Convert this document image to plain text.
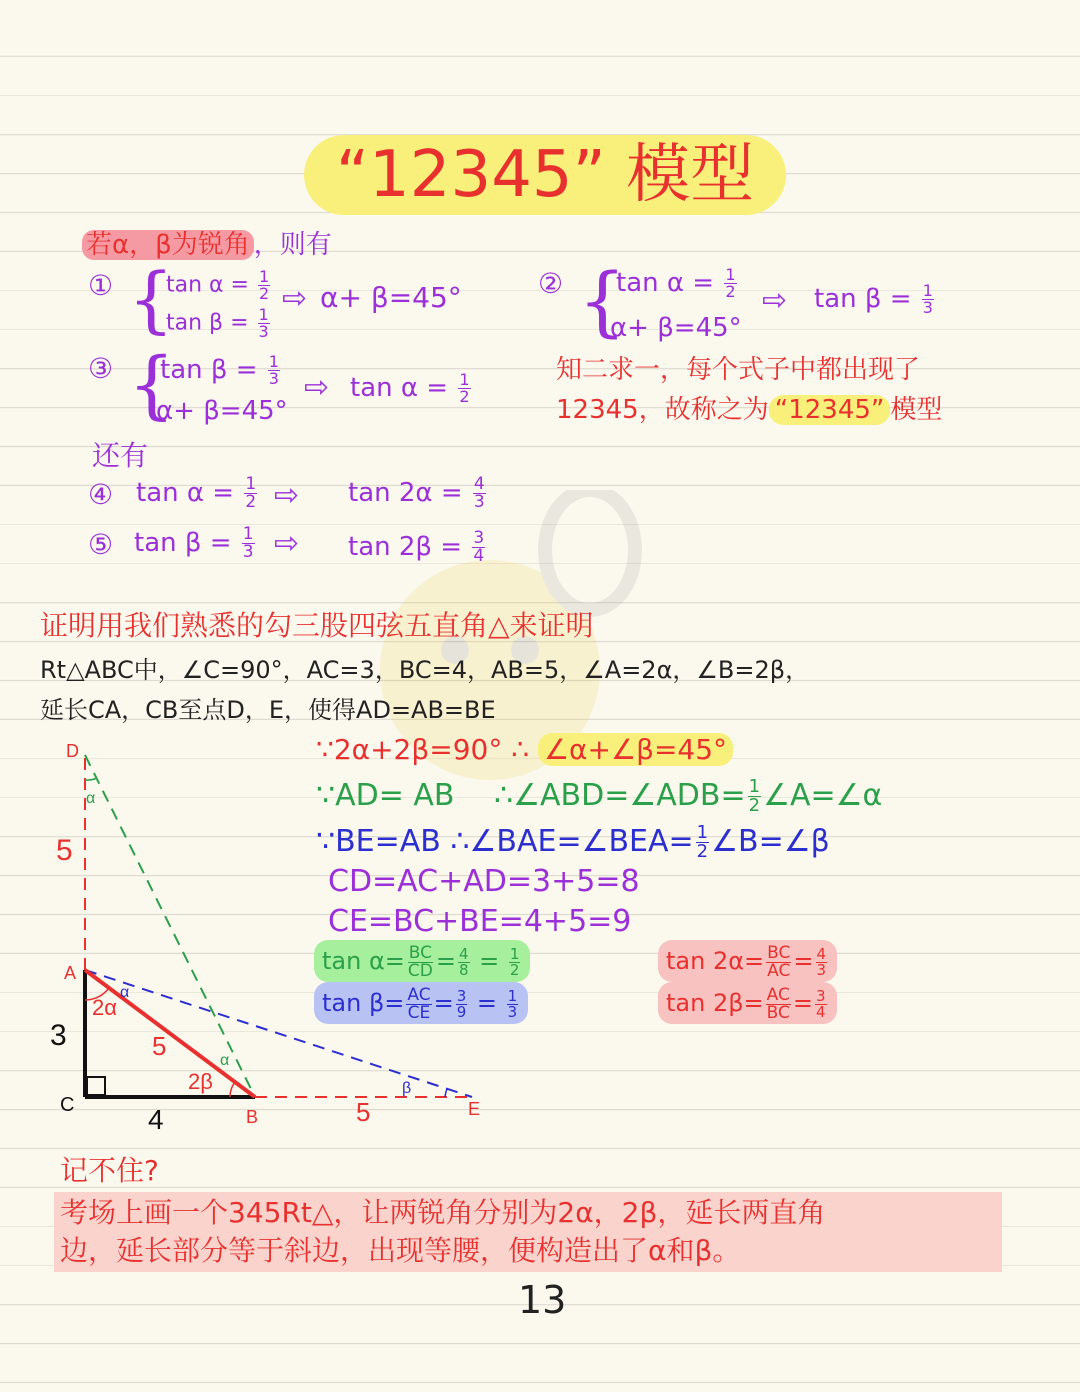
“12345” 模型
若α，β为锐角 ，则有
① {
$\tan \alpha = \frac{1}{2}$
$\tan \beta = \frac{1}{3}$
⇨ α+ β=45°	② {
$\tan \alpha = \frac{1}{2}$
α+ β=45°
⇨ $\tan \beta = \frac{1}{3}$
③ {
$\tan \beta = \frac{1}{3}$
α+ β=45°
⇨ $\tan \alpha = \frac{1}{2}$
知二求一，每个式子中都出现了
12345，故称之为 “12345” 模型
还有
④ $\tan \alpha = \frac{1}{2}$ ⇨ $\tan 2\alpha = \frac{4}{3}$
⑤ $\tan \beta = \frac{1}{3}$ ⇨ $\tan 2\beta = \frac{3}{4}$
证明用我们熟悉的勾三股四弦五直角△来证明
Rt△ABC中，∠C=90°，AC=3，BC=4，AB=5，∠A=2α，∠B=2β，
延长CA，CB至点D，E，使得AD=AB=BE
∵2α+2β=90° ∴ ∠α+∠β=45°
∵AD= AB ∴∠ABD=∠ADB= $\frac{1}{2}$ ∠A=∠α
∵BE=AB ∴∠BAE=∠BEA= $\frac{1}{2}$ ∠B=∠β
CD=AC+AD=3+5=8
CE=BC+BE=4+5=9
$\tan \alpha= \frac{BC}{CD} = \frac{4}{8} = \frac{1}{2}$
$\tan \beta= \frac{AC}{CE} = \frac{3}{9} = \frac{1}{3}$
$\tan 2\alpha= \frac{BC}{AC} = \frac{4}{3}$
$\tan 2\beta= \frac{AC}{BC} = \frac{3}{4}$
D
A
C
B	E
5
3
4
5
5
2α
2β
α
α
α
β
记不住?
考场上画一个345Rt△，让两锐角分别为2α，2β，延长两直角
边，延长部分等于斜边，出现等腰，便构造出了α和β。
13
